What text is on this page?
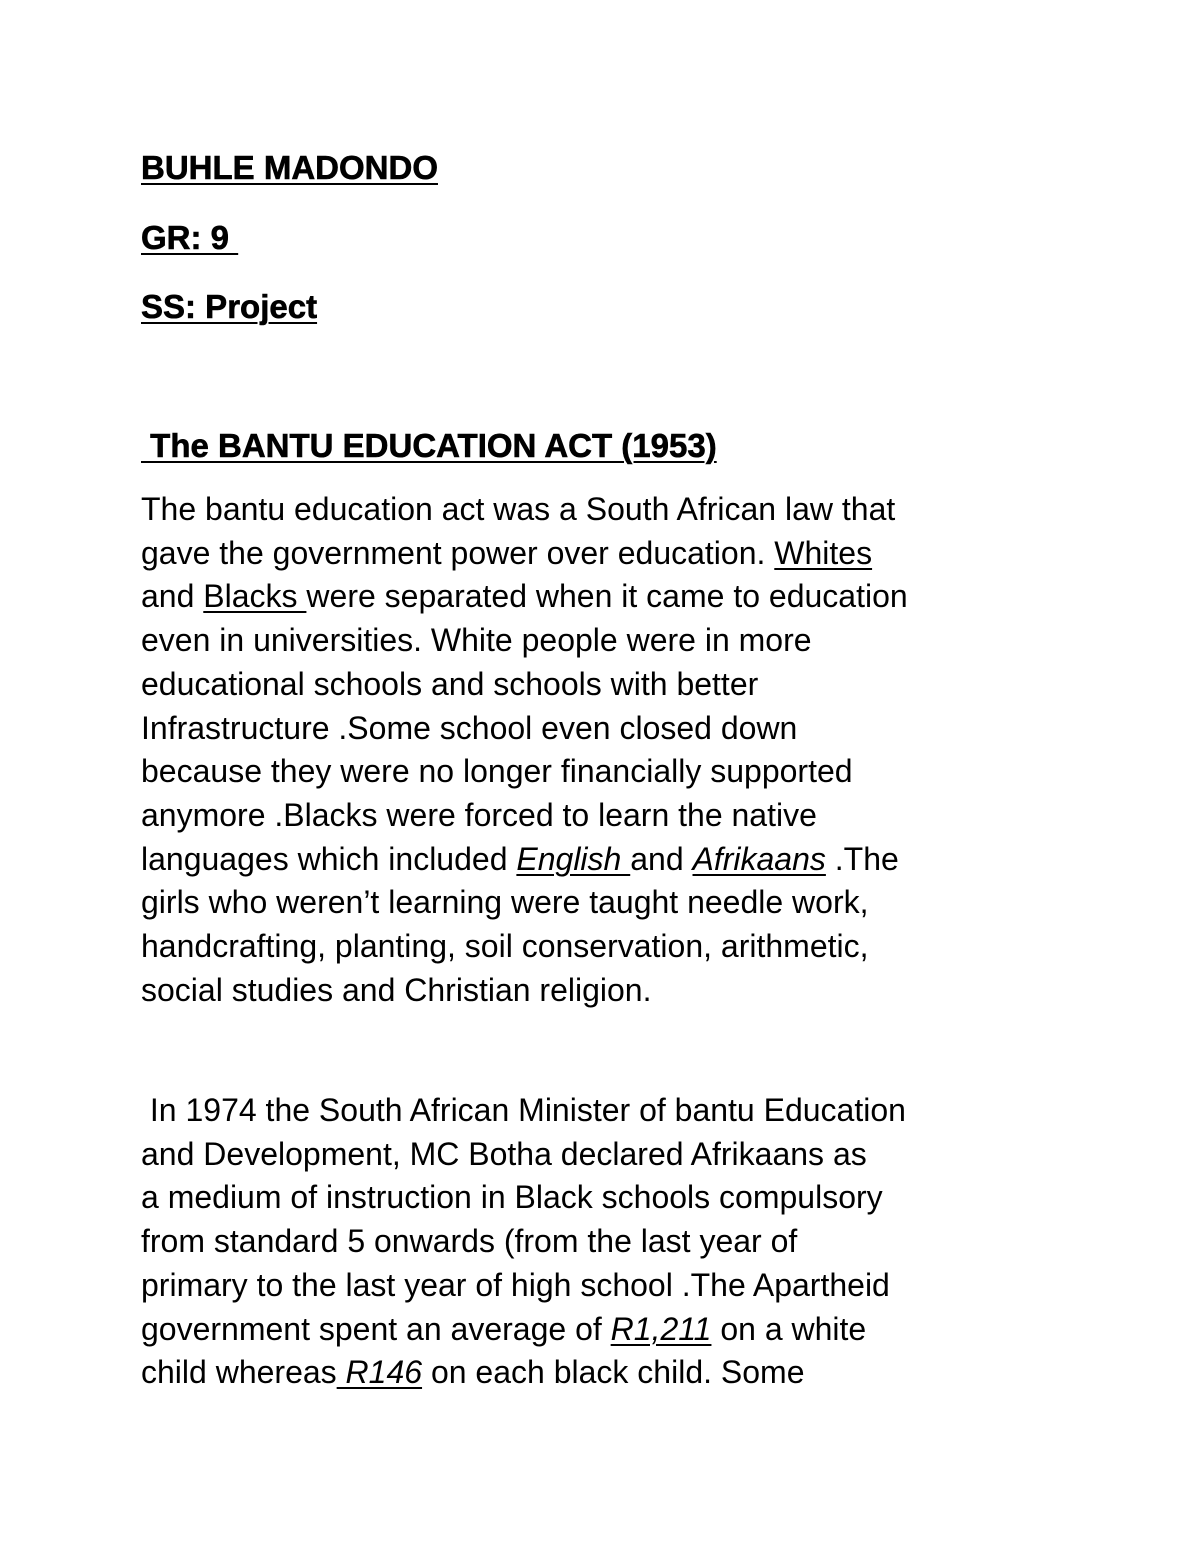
BUHLE MADONDO
GR: 9
SS: Project
The BANTU EDUCATION ACT (1953)
The bantu education act was a South African law that
gave the government power over education. Whites
and Blacks were separated when it came to education
even in universities. White people were in more
educational schools and schools with better
Infrastructure .Some school even closed down
because they were no longer financially supported
anymore .Blacks were forced to learn the native
languages which included English and Afrikaans .The
girls who weren’t learning were taught needle work,
handcrafting, planting, soil conservation, arithmetic,
social studies and Christian religion.
In 1974 the South African Minister of bantu Education
and Development, MC Botha declared Afrikaans as
a medium of instruction in Black schools compulsory
from standard 5 onwards (from the last year of
primary to the last year of high school .The Apartheid
government spent an average of R1,211 on a white
child whereas R146 on each black child. Some
